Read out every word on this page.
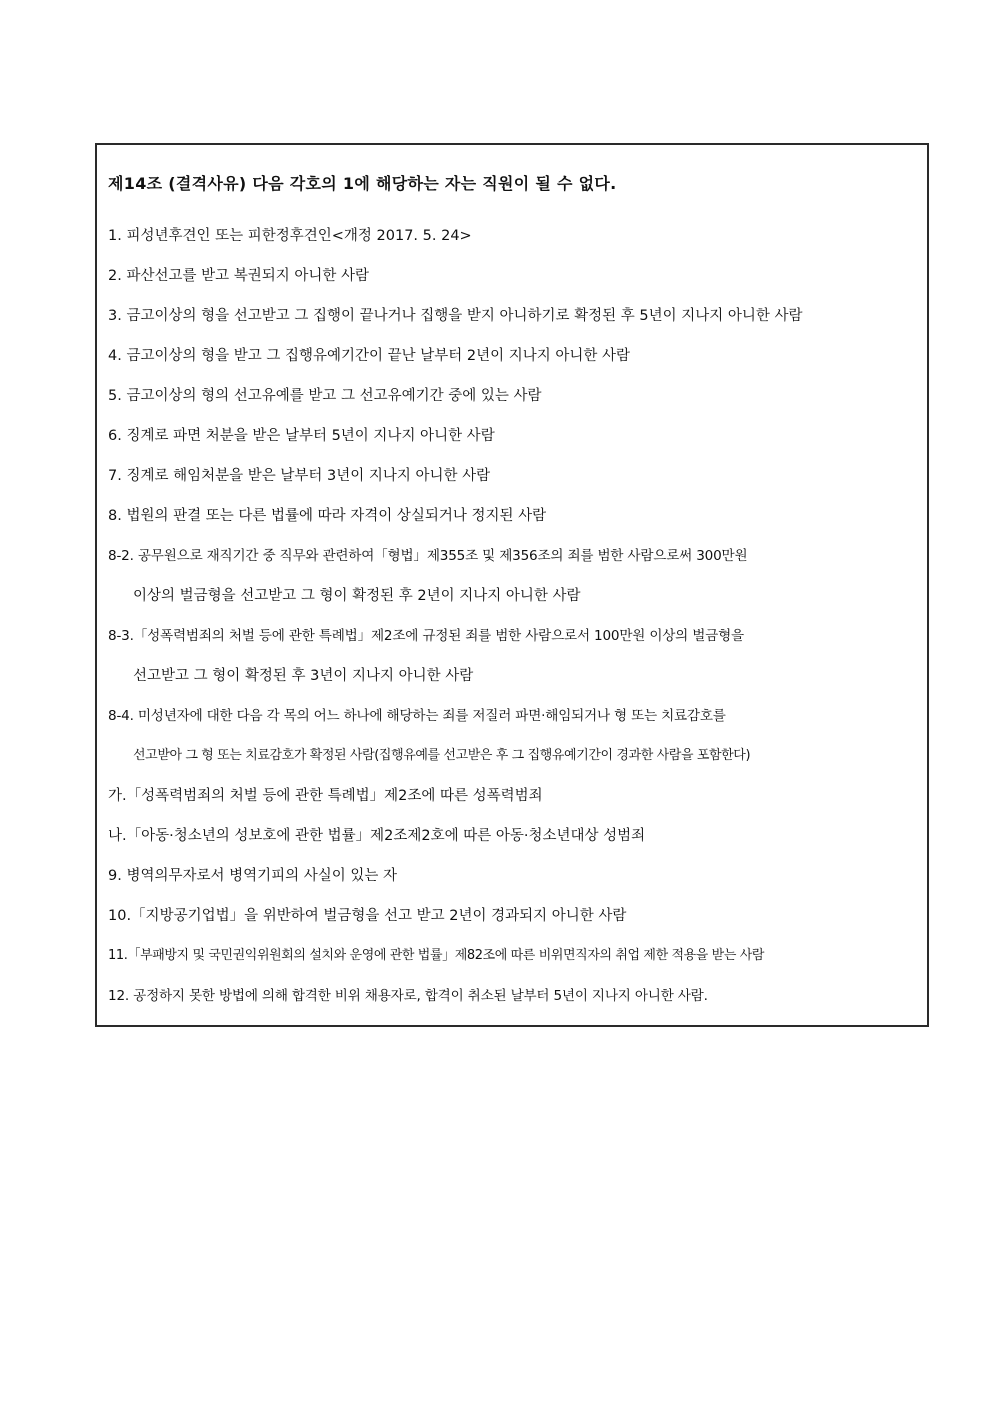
제14조 (결격사유) 다음 각호의 1에 해당하는 자는 직원이 될 수 없다.
1. 피성년후견인 또는 피한정후견인<개정 2017. 5. 24>
2. 파산선고를 받고 복권되지 아니한 사람
3. 금고이상의 형을 선고받고 그 집행이 끝나거나 집행을 받지 아니하기로 확정된 후 5년이 지나지 아니한 사람
4. 금고이상의 형을 받고 그 집행유예기간이 끝난 날부터 2년이 지나지 아니한 사람
5. 금고이상의 형의 선고유예를 받고 그 선고유예기간 중에 있는 사람
6. 징계로 파면 처분을 받은 날부터 5년이 지나지 아니한 사람
7. 징계로 해임처분을 받은 날부터 3년이 지나지 아니한 사람
8. 법원의 판결 또는 다른 법률에 따라 자격이 상실되거나 정지된 사람
8-2. 공무원으로 재직기간 중 직무와 관련하여「형법」제355조 및 제356조의 죄를 범한 사람으로써 300만원
이상의 벌금형을 선고받고 그 형이 확정된 후 2년이 지나지 아니한 사람
8-3.「성폭력범죄의 처벌 등에 관한 특례법」제2조에 규정된 죄를 범한 사람으로서 100만원 이상의 벌금형을
선고받고 그 형이 확정된 후 3년이 지나지 아니한 사람
8-4. 미성년자에 대한 다음 각 목의 어느 하나에 해당하는 죄를 저질러 파면·해임되거나 형 또는 치료감호를
선고받아 그 형 또는 치료감호가 확정된 사람(집행유예를 선고받은 후 그 집행유예기간이 경과한 사람을 포함한다)
가.「성폭력범죄의 처벌 등에 관한 특례법」제2조에 따른 성폭력범죄
나.「아동·청소년의 성보호에 관한 법률」제2조제2호에 따른 아동·청소년대상 성범죄
9. 병역의무자로서 병역기피의 사실이 있는 자
10.「지방공기업법」을 위반하여 벌금형을 선고 받고 2년이 경과되지 아니한 사람
11.「부패방지 및 국민권익위원회의 설치와 운영에 관한 법률」제82조에 따른 비위면직자의 취업 제한 적용을 받는 사람
12. 공정하지 못한 방법에 의해 합격한 비위 채용자로, 합격이 취소된 날부터 5년이 지나지 아니한 사람.
